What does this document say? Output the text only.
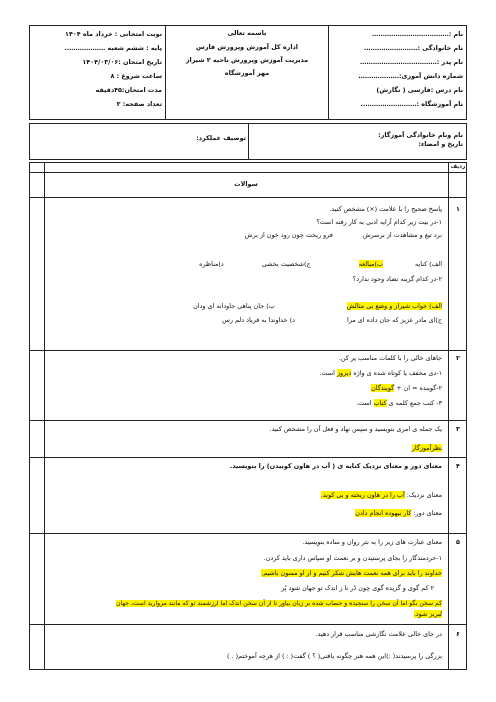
نام :………………………………
نام خانوادگی :…………………….
نام پدر :………………………………
شماره دانش آموزی:……………….
نام درس :فارسی ( نگارش)
نام آموزشگاه :……………………..
باسمه تعالی
اداره کل آموزش وپرورش فارس
مدیریت آموزش وپرورش ناحیه ۲ شیراز
مهر آموزشگاه
نوبت امتحانی : خرداد ماه ۱۴۰۴
پایه : ششم شعبه ……………….
تاریخ امتحان :۱۴۰۴/۰۳/۰۶
ساعت شروع : ۸
مدت امتحان:۴۵دقیقه
تعداد صفحه: ۲
نام ونام خانوادگی آموزگار:
تاریخ و امضاء:
توصیف عملکرد:
ردیف
سوالات
۱
پاسخ صحیح را با علامت (×) مشخص کنید.
۱-در بیت زیر کدام آرایه ادبی به کار رفته است؟
نرد تیغ و مشاهدت از برسرش فرو ریخت چون رود خون از برش
الف) کنایه ب)مبالغه ج)شخصیت بخشی د)مناظره
۲-در کدام گزینه تضاد وجود ندارد؟
الف) خواب شیراز و وضع بی مثالش ب) جان پناهی جاودانه ای ودان
ج)ای مادر عزیز که جان داده ای مرا د) خداوندا به فریاد دلم رس
۲
جاهای خالی را با کلمات مناسب پر کن.
۱-دی مخفف یا کوتاه شده ی واژه دیروز است.
۲-گوینده = ان + گویندگان
۳- کتب جمع کلمه ی کتاب است.
۳
یک جمله ی امری بنویسید و سپس نهاد و فعل آن را مشخص کنید.
نظرآموزگار
۴
معنای دور و معنای نزدیک کنایه ی ( آب در هاون کوبیدن) را بنویسید.
معنای نزدیک: آب را در هاون ریخته و بی کوبد.
معنای دور: کار بیهوده انجام دادن
۵
معنای عبارت های زیر را به نثر روان و ساده بنویسید.
۱-خردمندگار را بجای پرستیدن و بر نعمت او سپاس داری باید کردن.
خداوند را باید برای همه نعمت هایش شکر کنیم و از او ممنون باشیم.
۲ کم گوی و گزیده گوی چون دُر تا ز اندک تو جهان شود پُر
کم سخن بگو اما آن سخن را سنجیده و حساب شده بر زبان بیاور تا از آن سخن اندک اما ارزشمند تو که مانند مروارید است، جهان
لبریز شود.
۶
در جای خالی علامت نگارشی مناسب قرار دهید.
بزرگی را پرسیدند( :)این همه هنر چگونه یافتی( ؟ ) گفت( : ) از هرچه آموختم( . )
